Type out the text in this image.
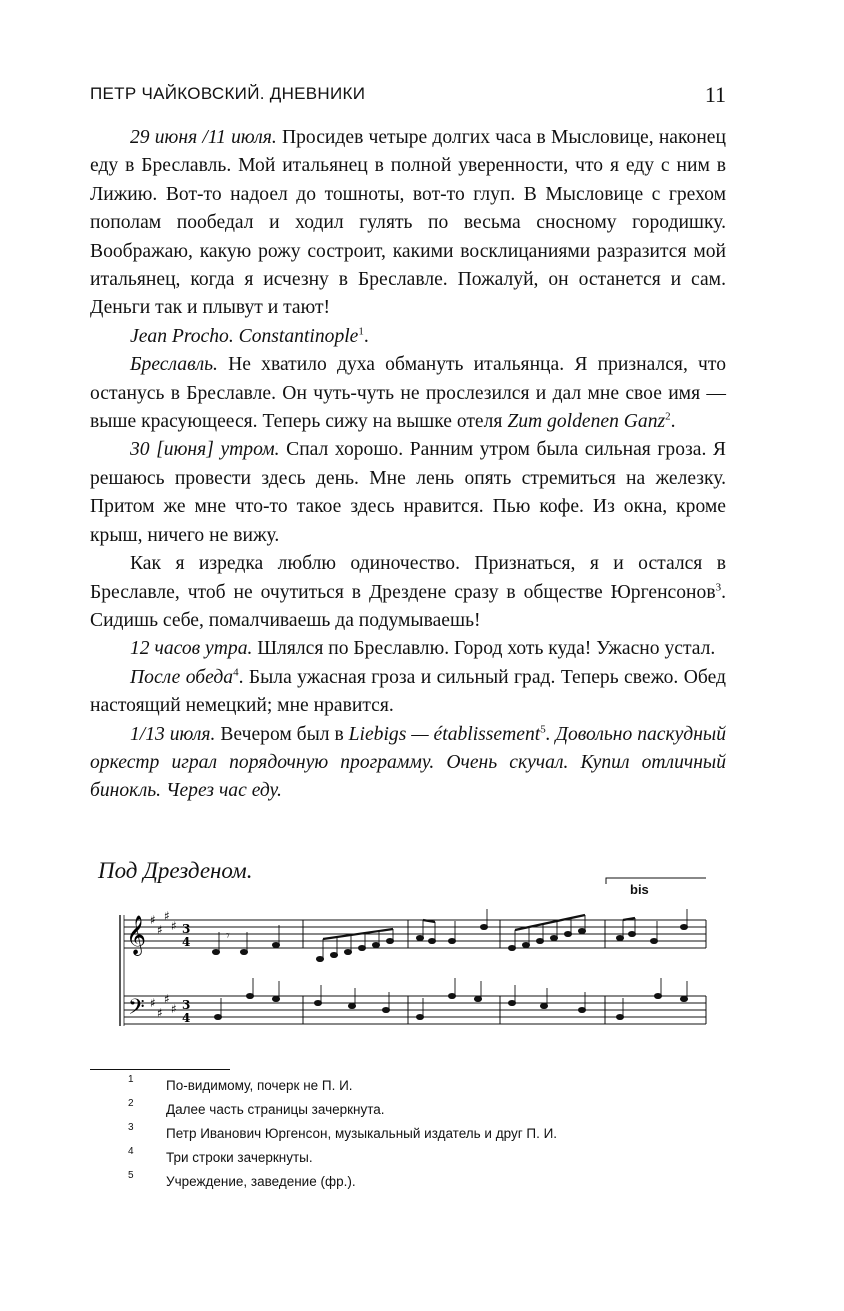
ПЕТР ЧАЙКОВСКИЙ. ДНЕВНИКИ	11

29 июня /11 июля. Просидев четыре долгих часа в Мысловице, наконец еду в Бреславль. Мой итальянец в полной уверенности, что я еду с ним в Лижию. Вот-то надоел до тошноты, вот-то глуп. В Мысловице с грехом пополам пообедал и ходил гулять по весьма сносному городишку. Воображаю, какую рожу состроит, какими восклицаниями разразится мой итальянец, когда я исчезну в Бреславле. Пожалуй, он останется и сам. Деньги так и плывут и тают!

Jean Procho. Constantinople$^1$.

Бреславль. Не хватило духа обмануть итальянца. Я признался, что останусь в Бреславле. Он чуть-чуть не прослезился и дал мне свое имя — выше красующееся. Теперь сижу на вышке отеля Zum goldenen Ganz$^2$.

30 [июня] утром. Спал хорошо. Ранним утром была сильная гроза. Я решаюсь провести здесь день. Мне лень опять стремиться на железку. Притом же мне что-то такое здесь нравится. Пью кофе. Из окна, кроме крыш, ничего не вижу.

Как я изредка люблю одиночество. Признаться, я и остался в Бреславле, чтоб не очутиться в Дрездене сразу в обществе Юргенсонов$^3$. Сидишь себе, помалчиваешь да подумываешь!

12 часов утра. Шлялся по Бреславлю. Город хоть куда! Ужасно устал.

После обеда$^4$. Была ужасная гроза и сильный град. Теперь свежо. Обед настоящий немецкий; мне нравится.

1/13 июля. Вечером был в Liebigs — établissement$^5$. Довольно паскудный оркестр играл порядочную программу. Очень скучал. Купил отличный бинокль. Через час еду.

Под Дрезденом.
bis
𝄞
𝄢
♯
♯
♯
♯
♯
♯
♯
♯
3
4
3
4
𝄾
1 По-видимому, почерк не П. И.
2 Далее часть страницы зачеркнута.
3 Петр Иванович Юргенсон, музыкальный издатель и друг П. И.
4 Три строки зачеркнуты.
5 Учреждение, заведение (фр.).
